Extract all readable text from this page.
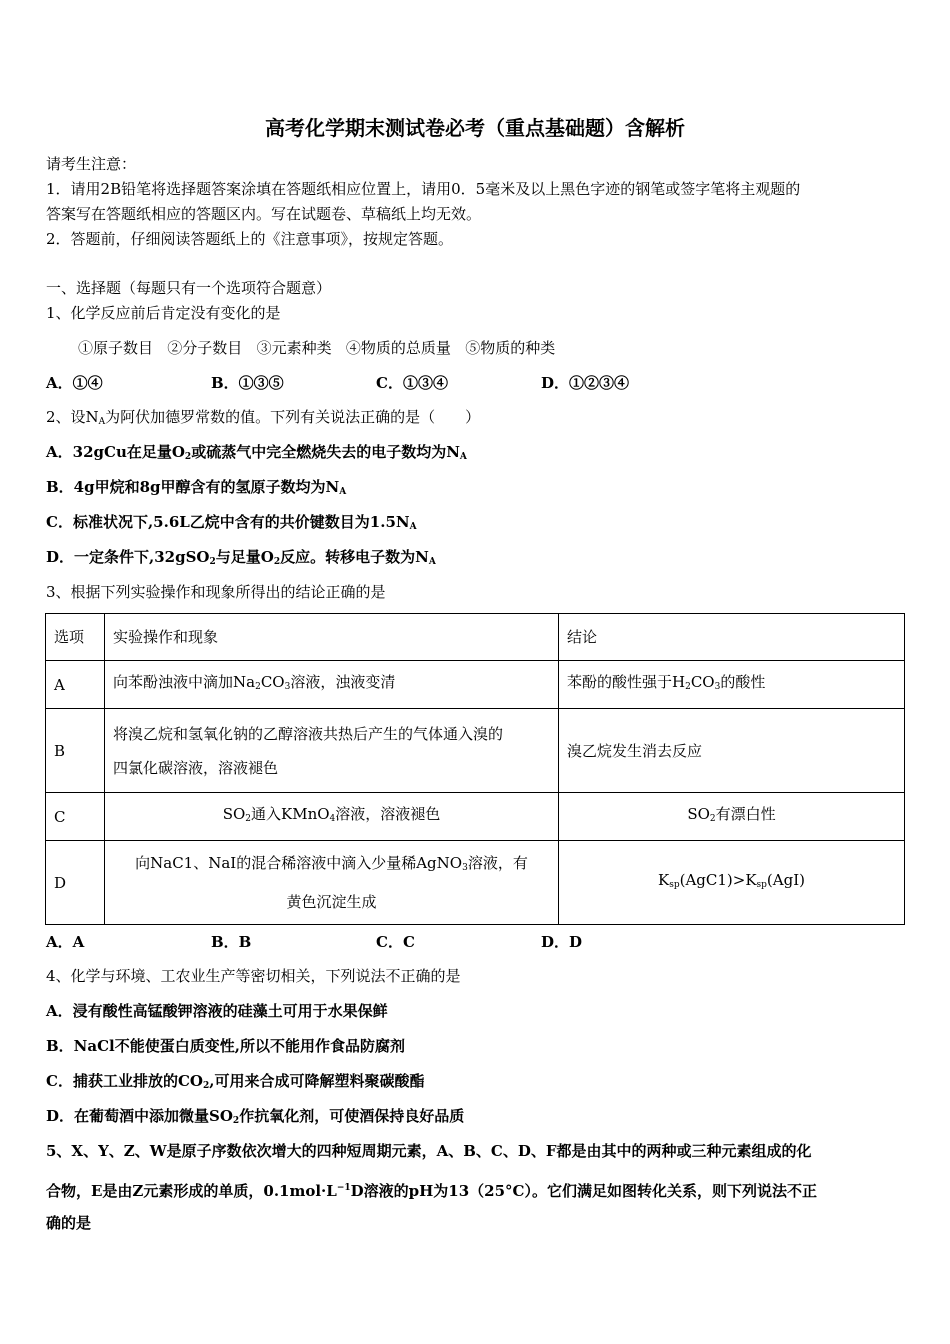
高考化学期末测试卷必考（重点基础题）含解析
请考生注意：
1．请用2B铅笔将选择题答案涂填在答题纸相应位置上，请用0．5毫米及以上黑色字迹的钢笔或签字笔将主观题的
答案写在答题纸相应的答题区内。写在试题卷、草稿纸上均无效。
2．答题前，仔细阅读答题纸上的《注意事项》，按规定答题。
一、选择题（每题只有一个选项符合题意）
1、化学反应前后肯定没有变化的是
①原子数目   ②分子数目   ③元素种类   ④物质的总质量   ⑤物质的种类
A．①④	B．①③⑤	C．①③④	D．①②③④
2、设$N_A$为阿伏加德罗常数的值。下列有关说法正确的是（　　）
A．32gCu在足量$O_2$或硫蒸气中完全燃烧失去的电子数均为$N_A$
B．4g甲烷和8g甲醇含有的氢原子数均为$N_A$
C．标准状况下,5.6L乙烷中含有的共价键数目为$1.5N_A$
D．一定条件下,32gSO$_2$与足量$O_2$反应。转移电子数为$N_A$
3、根据下列实验操作和现象所得出的结论正确的是
选项	实验操作和现象	结论
A	向苯酚浊液中滴加$Na_2CO_3$溶液，浊液变清	苯酚的酸性强于$H_2CO_3$的酸性
B	将溴乙烷和氢氧化钠的乙醇溶液共热后产生的气体通入溴的
四氯化碳溶液，溶液褪色	溴乙烷发生消去反应
C	$SO_2$通入KMnO$_4$溶液，溶液褪色	$SO_2$有漂白性
D	向NaC1、NaI的混合稀溶液中滴入少量稀AgNO$_3$溶液，有
黄色沉淀生成	$K_{sp}(AgC1)>K_{sp}(AgI)$
A．A	B．B	C．C	D．D
4、化学与环境、工农业生产等密切相关，下列说法不正确的是
A．浸有酸性高锰酸钾溶液的硅藻土可用于水果保鲜
B．NaCl不能使蛋白质变性,所以不能用作食品防腐剂
C．捕获工业排放的$CO_2$,可用来合成可降解塑料聚碳酸酯
D．在葡萄酒中添加微量$SO_2$作抗氧化剂，可使酒保持良好品质
5、X、Y、Z、W是原子序数依次增大的四种短周期元素，A、B、C、D、F都是由其中的两种或三种元素组成的化
合物，E是由Z元素形成的单质，$0.1mol\cdot L^{-1}D$溶液的pH为13（25°C）。它们满足如图转化关系，则下列说法不正
确的是
